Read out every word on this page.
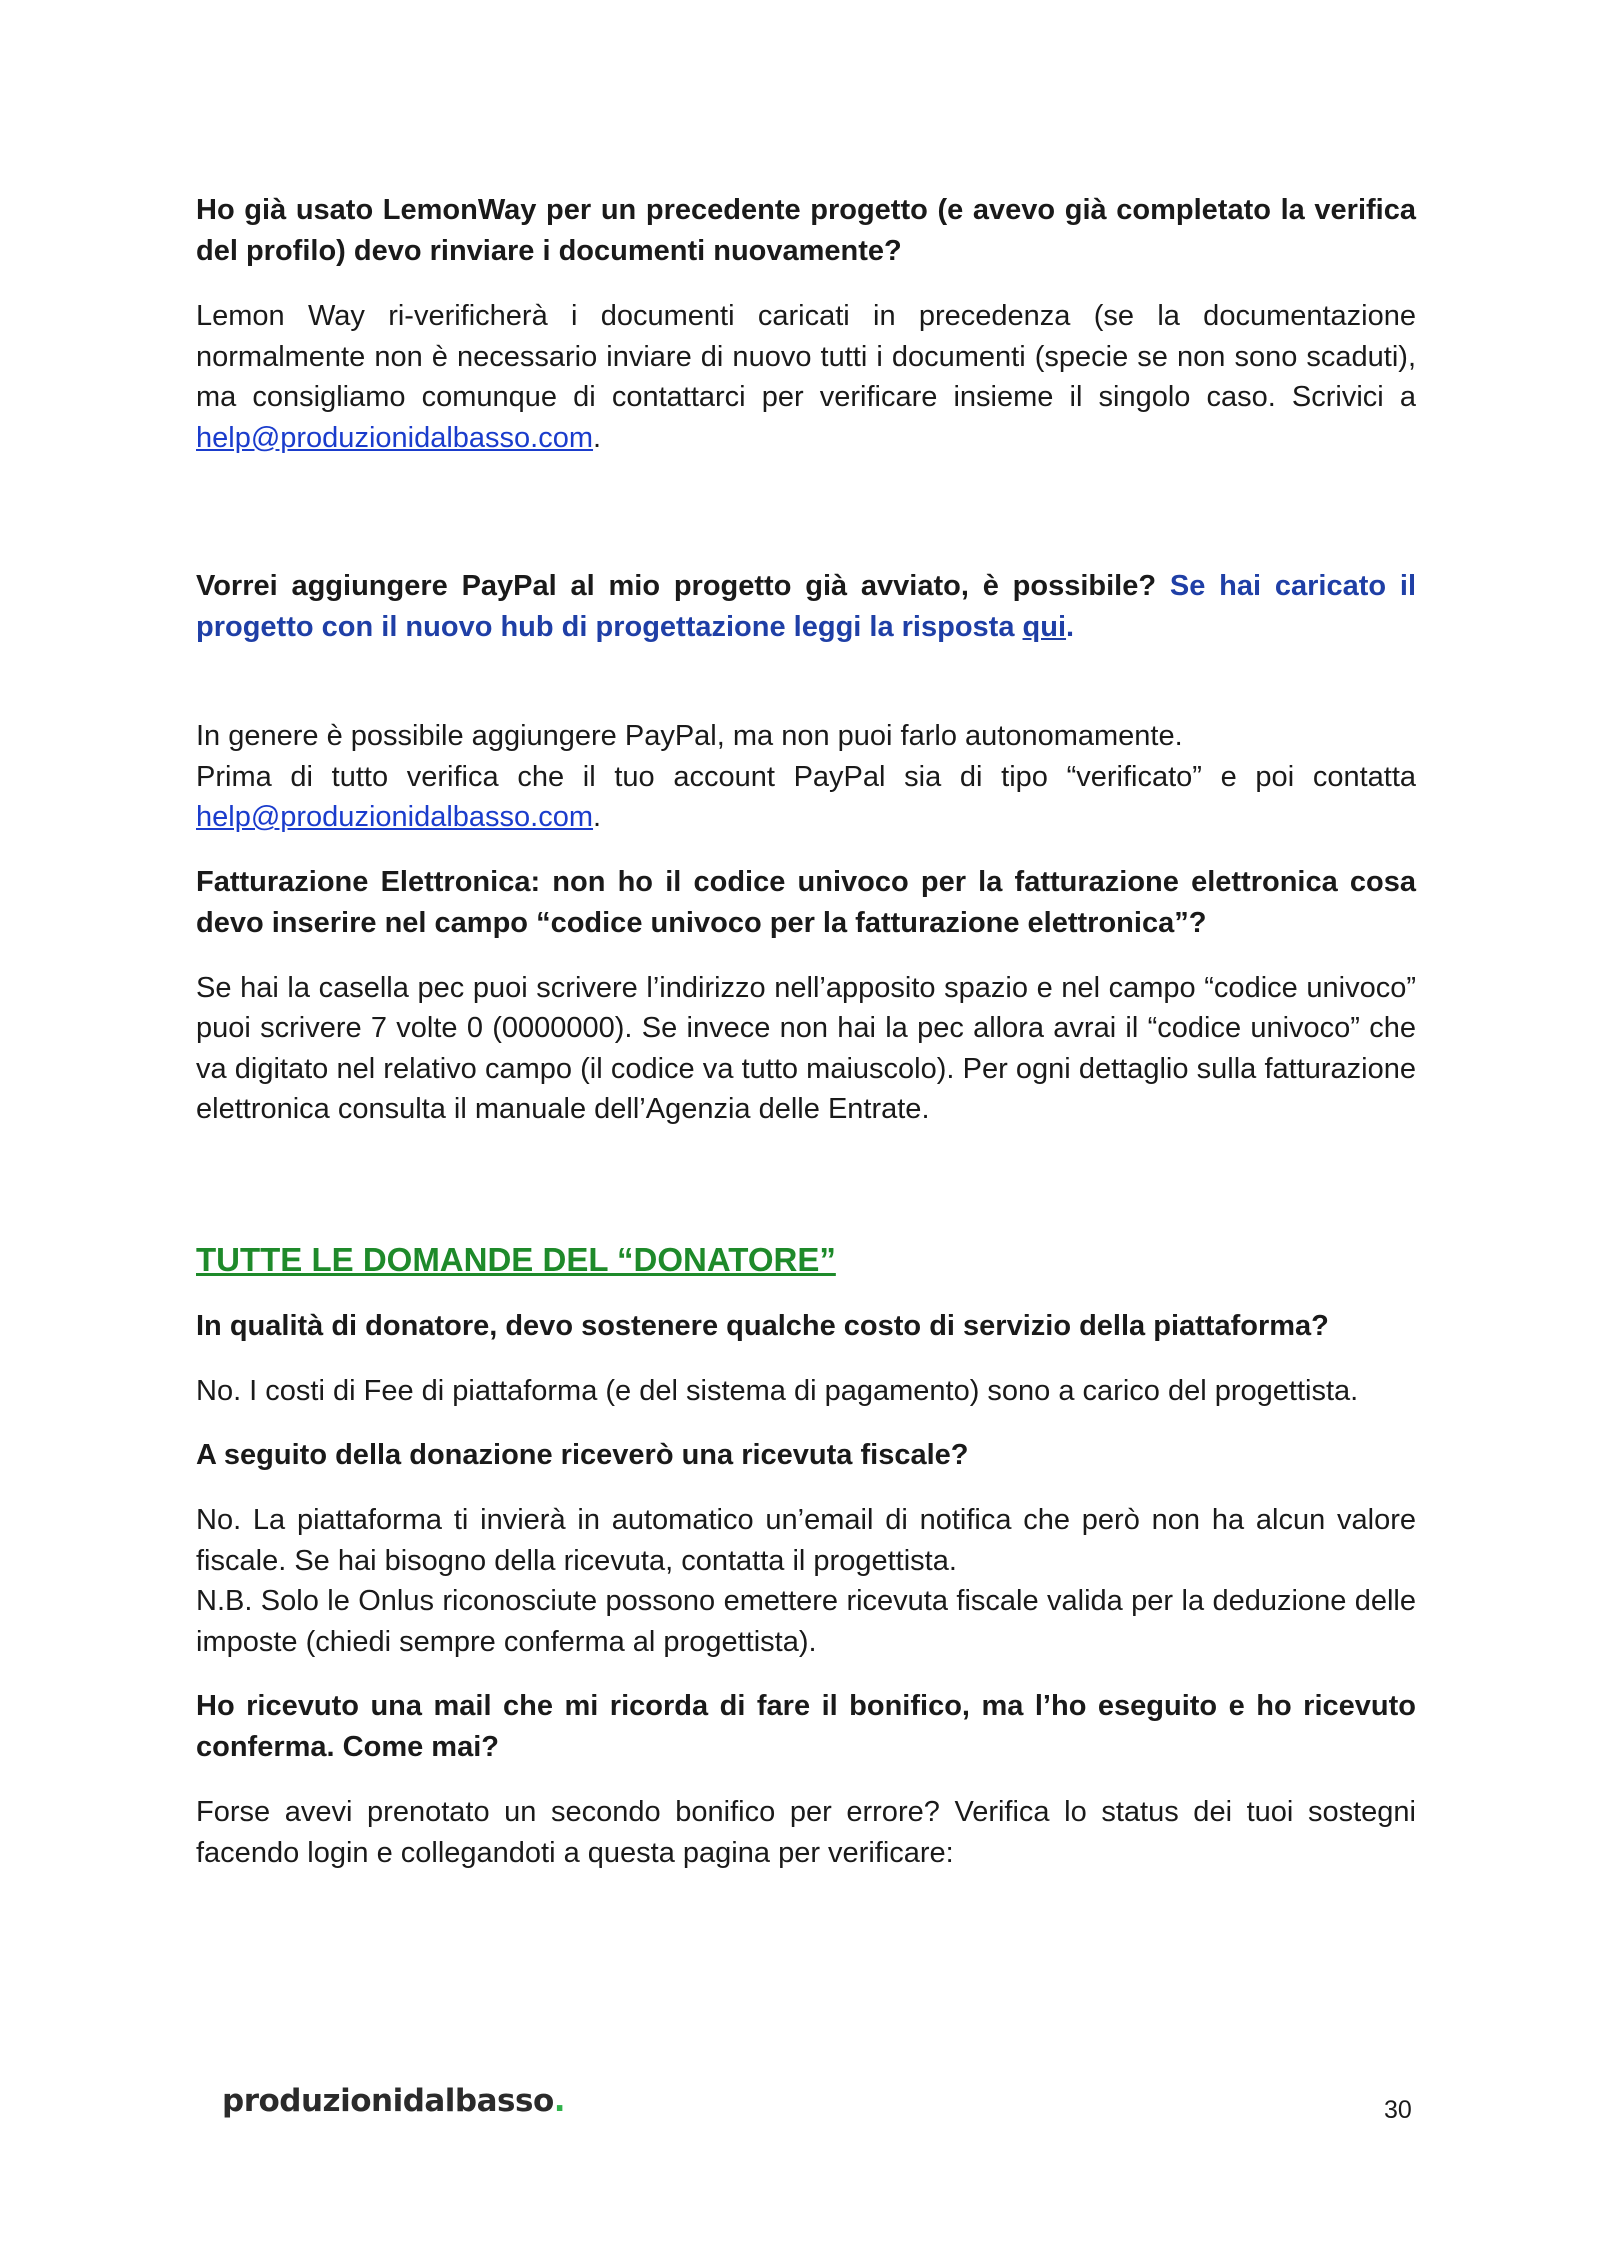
Ho già usato LemonWay per un precedente progetto (e avevo già completato la verifica del profilo) devo rinviare i documenti nuovamente?

Lemon Way ri-verificherà i documenti caricati in precedenza (se la documentazione normalmente non è necessario inviare di nuovo tutti i documenti (specie se non sono scaduti), ma consigliamo comunque di contattarci per verificare insieme il singolo caso. Scrivici a help@produzionidalbasso.com.

Vorrei aggiungere PayPal al mio progetto già avviato, è possibile? Se hai caricato il progetto con il nuovo hub di progettazione leggi la risposta qui.

In genere è possibile aggiungere PayPal, ma non puoi farlo autonomamente.
Prima di tutto verifica che il tuo account PayPal sia di tipo “verificato” e poi contatta help@produzionidalbasso.com.

Fatturazione Elettronica: non ho il codice univoco per la fatturazione elettronica cosa devo inserire nel campo “codice univoco per la fatturazione elettronica”?

Se hai la casella pec puoi scrivere l’indirizzo nell’apposito spazio e nel campo “codice univoco” puoi scrivere 7 volte 0 (0000000). Se invece non hai la pec allora avrai il “codice univoco” che va digitato nel relativo campo (il codice va tutto maiuscolo). Per ogni dettaglio sulla fatturazione elettronica consulta il manuale dell’Agenzia delle Entrate.

TUTTE LE DOMANDE DEL “DONATORE”

In qualità di donatore, devo sostenere qualche costo di servizio della piattaforma?

No. I costi di Fee di piattaforma (e del sistema di pagamento) sono a carico del progettista.

A seguito della donazione riceverò una ricevuta fiscale?

No. La piattaforma ti invierà in automatico un’email di notifica che però non ha alcun valore fiscale. Se hai bisogno della ricevuta, contatta il progettista.
N.B. Solo le Onlus riconosciute possono emettere ricevuta fiscale valida per la deduzione delle imposte (chiedi sempre conferma al progettista).

Ho ricevuto una mail che mi ricorda di fare il bonifico, ma l’ho eseguito e ho ricevuto conferma. Come mai?

Forse avevi prenotato un secondo bonifico per errore? Verifica lo status dei tuoi sostegni facendo login e collegandoti a questa pagina per verificare:

produzionidalbasso.	30
